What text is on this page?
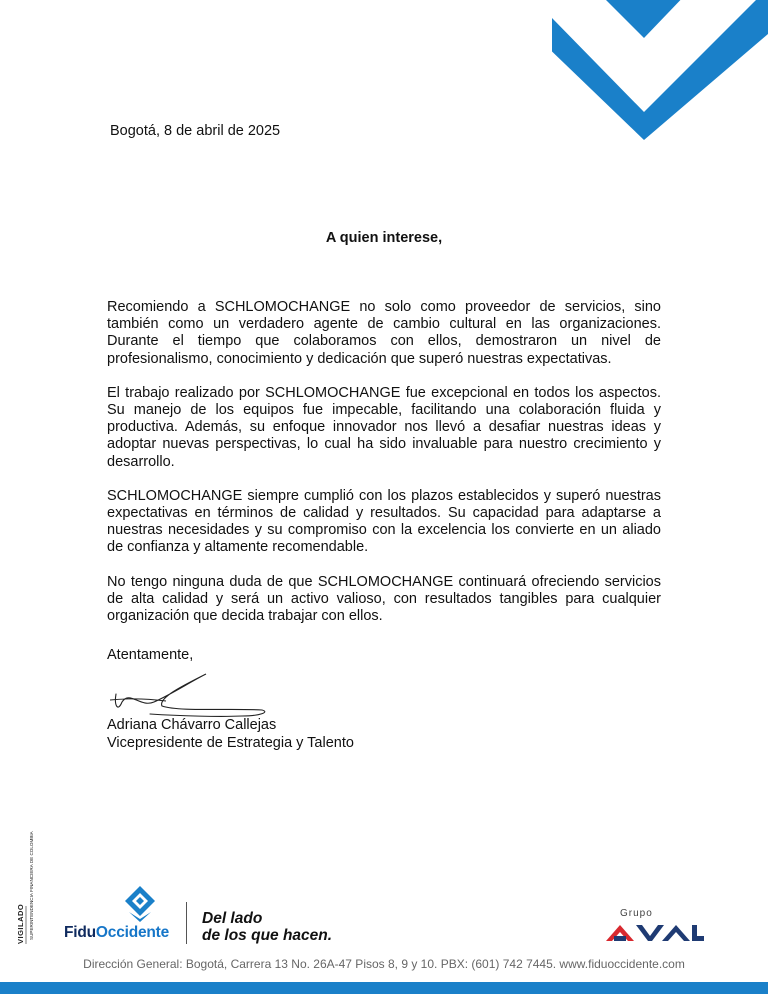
Bogotá, 8 de abril de 2025
A quien interese,

Recomiendo a SCHLOMOCHANGE no solo como proveedor de servicios, sino también como un verdadero agente de cambio cultural en las organizaciones. Durante el tiempo que colaboramos con ellos, demostraron un nivel de profesionalismo, conocimiento y dedicación que superó nuestras expectativas.

El trabajo realizado por SCHLOMOCHANGE fue excepcional en todos los aspectos. Su manejo de los equipos fue impecable, facilitando una colaboración fluida y productiva. Además, su enfoque innovador nos llevó a desafiar nuestras ideas y adoptar nuevas perspectivas, lo cual ha sido invaluable para nuestro crecimiento y desarrollo.

SCHLOMOCHANGE siempre cumplió con los plazos establecidos y superó nuestras expectativas en términos de calidad y resultados. Su capacidad para adaptarse a nuestras necesidades y su compromiso con la excelencia los convierte en un aliado de confianza y altamente recomendable.

No tengo ninguna duda de que SCHLOMOCHANGE continuará ofreciendo servicios de alta calidad y será un activo valioso, con resultados tangibles para cualquier organización que decida trabajar con ellos.

Atentamente,
Adriana Chávarro Callejas
Vicepresidente de Estrategia y Talento
VIGILADO SUPERINTENDENCIA FINANCIERA DE COLOMBIA FiduOccidente
Del lado
de los que hacen.
Grupo
Dirección General: Bogotá, Carrera 13 No. 26A-47 Pisos 8, 9 y 10. PBX: (601) 742 7445. www.fiduoccidente.com
